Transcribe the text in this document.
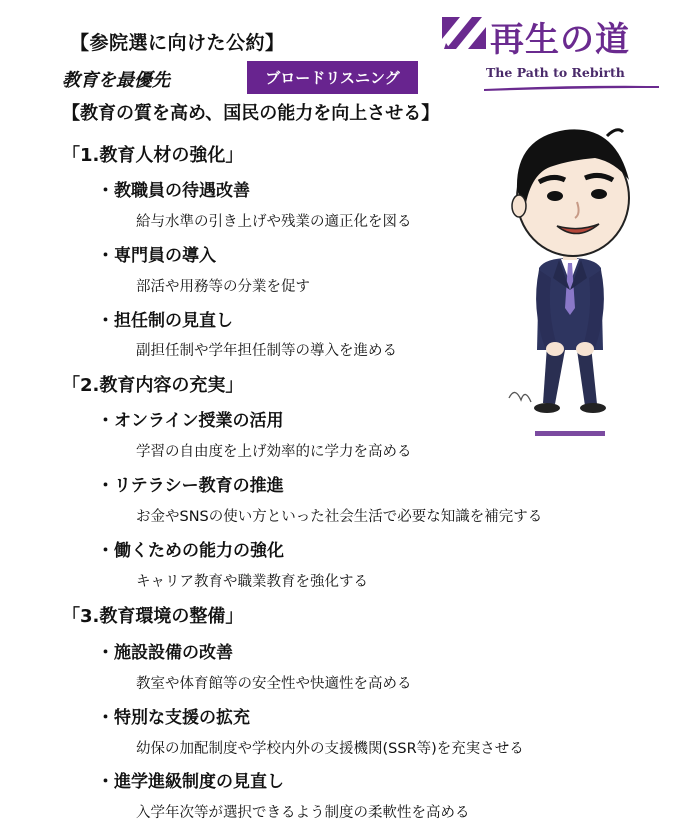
【参院選に向けた公約】
教育を最優先	ブロードリスニング
再生の道
The Path to Rebirth
【教育の質を高め、国民の能力を向上させる】
「1.教育人材の強化」
・教職員の待遇改善
給与水準の引き上げや残業の適正化を図る
・専門員の導入
部活や用務等の分業を促す
・担任制の見直し
副担任制や学年担任制等の導入を進める
「2.教育内容の充実」
・オンライン授業の活用
学習の自由度を上げ効率的に学力を高める
・リテラシー教育の推進
お金やSNSの使い方といった社会生活で必要な知識を補完する
・働くための能力の強化
キャリア教育や職業教育を強化する
「3.教育環境の整備」
・施設設備の改善
教室や体育館等の安全性や快適性を高める
・特別な支援の拡充
幼保の加配制度や学校内外の支援機関(SSR等)を充実させる
・進学進級制度の見直し
入学年次等が選択できるよう制度の柔軟性を高める
